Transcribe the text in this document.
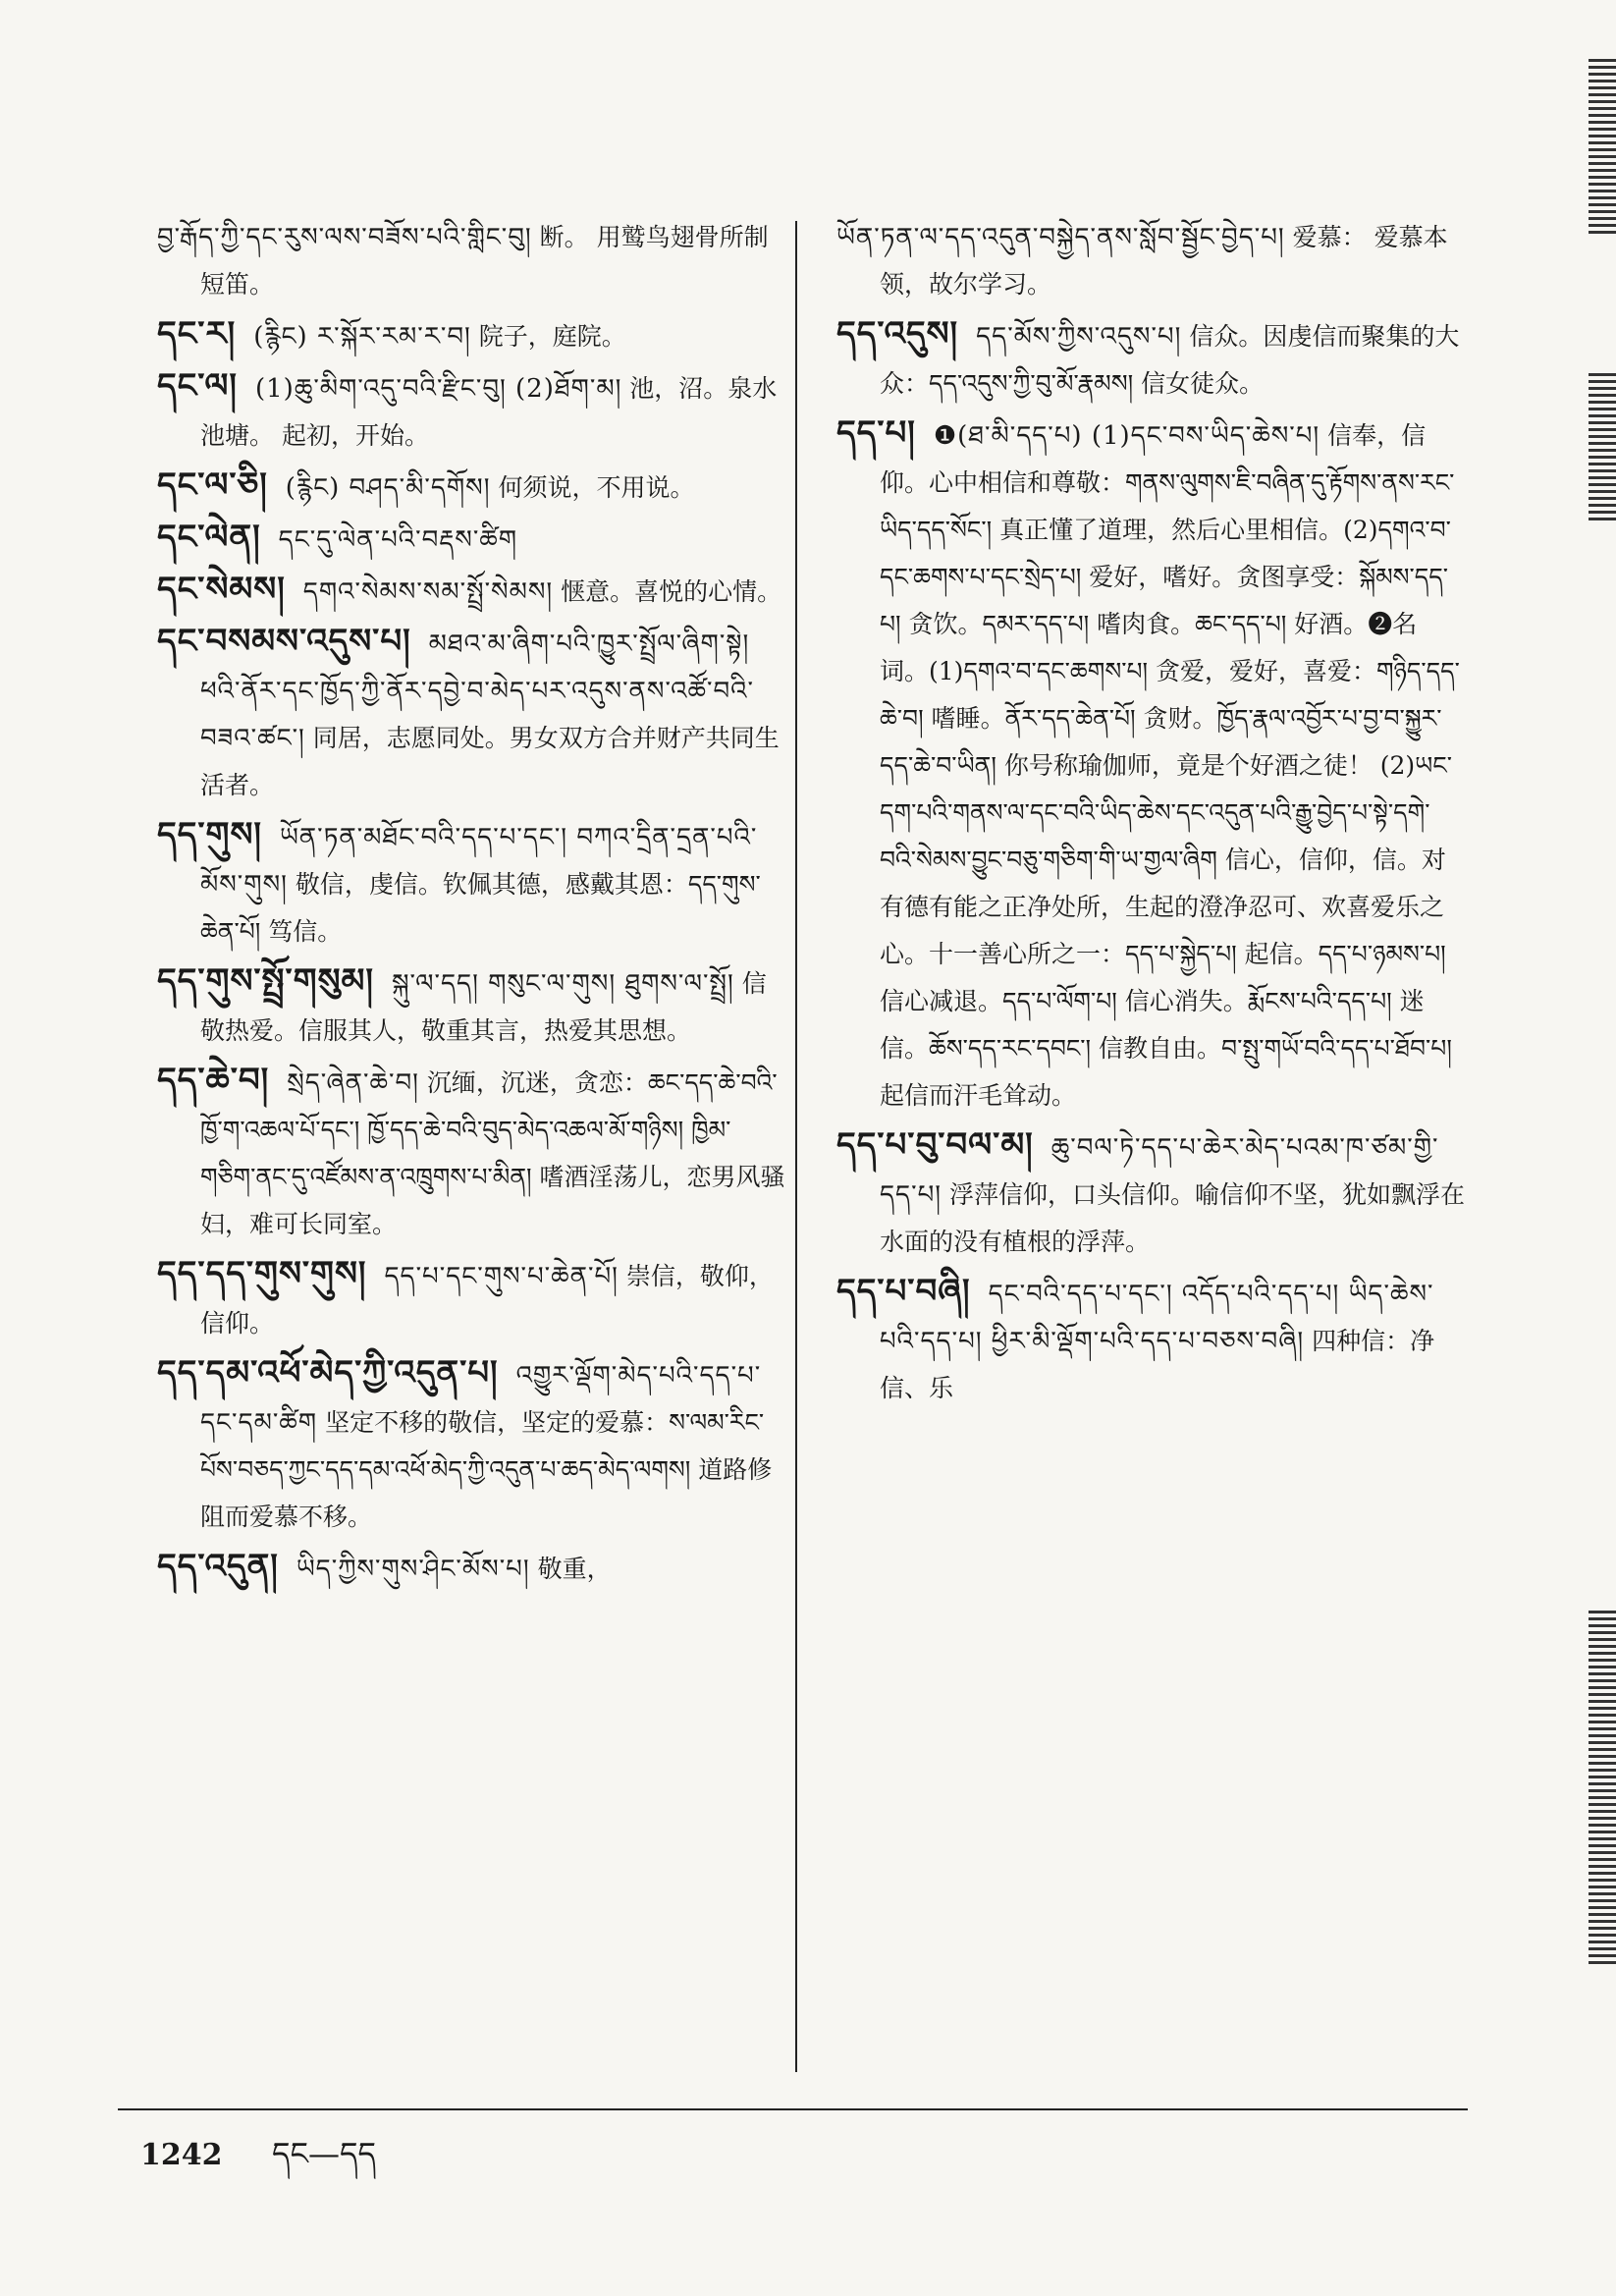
བྱ་རྒོད་ཀྱི་དང་རུས་ལས་བཟོས་པའི་གླིང་བུ། 断。 用鹫鸟翅骨所制短笛。

དང་ར། (རྙིང) ར་སྐོར་རམ་ར་བ། 院子，庭院。

དང་ལ། (1)ཆུ་མིག་འདུ་བའི་རྫིང་བུ། (2)ཐོག་མ། 池，沼。泉水池塘。 起初，开始。

དང་ལ་ཅི། (རྙིང) བཤད་མི་དགོས། 何须说，不用说。

དང་ལེན། དང་དུ་ལེན་པའི་བརྡས་ཚིག

དང་སེམས། དགའ་སེམས་སམ་སྤྲོ་སེམས། 惬意。喜悦的心情。

དང་བསམས་འདུས་པ། མཐའ་མ་ཞིག་པའི་ཁྱུར་སྤྲོལ་ཞིག་སྟེ། ཕའི་ནོར་དང་ཁྱོད་ཀྱི་ནོར་དབྱེ་བ་མེད་པར་འདུས་ནས་འཚོ་བའི་བཟའ་ཚང་། 同居，志愿同处。男女双方合并财产共同生活者。

དད་གུས། ཡོན་ཏན་མཐོང་བའི་དད་པ་དང་། བཀའ་དྲིན་དྲན་པའི་མོས་གུས། 敬信，虔信。钦佩其德，感戴其恩：དད་གུས་ཆེན་པོ། 笃信。

དད་གུས་སྤྲོ་གསུམ། སྐུ་ལ་དད། གསུང་ལ་གུས། ཐུགས་ལ་སྤྲོ། 信敬热爱。信服其人，敬重其言，热爱其思想。

དད་ཆེ་བ། སྲེད་ཞེན་ཆེ་བ། 沉缅，沉迷，贪恋：ཆང་དད་ཆེ་བའི་ཁྱོ་ག་འཆལ་པོ་དང་། ཁྱོ་དད་ཆེ་བའི་བུད་མེད་འཆལ་མོ་གཉིས། ཁྱིམ་གཅིག་ནང་དུ་འཛོམས་ན་འཁྲུགས་པ་མིན། 嗜酒淫荡儿，恋男风骚妇，难可长同室。

དད་དད་གུས་གུས། དད་པ་དང་གུས་པ་ཆེན་པོ། 崇信，敬仰，信仰。

དད་དམ་འཕོ་མེད་ཀྱི་འདུན་པ། འགྱུར་ལྡོག་མེད་པའི་དད་པ་དང་དམ་ཚིག 坚定不移的敬信，坚定的爱慕：ས་ལམ་རིང་པོས་བཅད་ཀྱང་དད་དམ་འཕོ་མེད་ཀྱི་འདུན་པ་ཆད་མེད་ལགས། 道路修阻而爱慕不移。

དད་འདུན། ཡིད་ཀྱིས་གུས་ཤིང་མོས་པ། 敬重，

ཡོན་ཏན་ལ་དད་འདུན་བསྐྱེད་ནས་སློབ་སྦྱོང་བྱེད་པ། 爱慕： 爱慕本领，故尔学习。

དད་འདུས། དད་མོས་ཀྱིས་འདུས་པ། 信众。因虔信而聚集的大众：དད་འདུས་ཀྱི་བུ་མོ་རྣམས། 信女徒众。

དད་པ། ❶(ཐ་མི་དད་པ) (1)དང་བས་ཡིད་ཆེས་པ། 信奉，信仰。心中相信和尊敬：གནས་ལུགས་ཇི་བཞིན་དུ་རྟོགས་ནས་རང་ཡིད་དད་སོང་། 真正懂了道理，然后心里相信。(2)དགའ་བ་དང་ཆགས་པ་དང་སྲེད་པ། 爱好，嗜好。贪图享受：སྐོམས་དད་པ། 贪饮。དམར་དད་པ། 嗜肉食。ཆང་དད་པ། 好酒。❷名词。(1)དགའ་བ་དང་ཆགས་པ། 贪爱，爱好，喜爱：གཉིད་དད་ཆེ་བ། 嗜睡。ནོར་དད་ཆེན་པོ། 贪财。ཁྱོད་རྣལ་འབྱོར་པ་བྱ་བ་སྐྱུར་དད་ཆེ་བ་ཡིན། 你号称瑜伽师，竟是个好酒之徒！ (2)ཡང་དག་པའི་གནས་ལ་དང་བའི་ཡིད་ཆེས་དང་འདུན་པའི་རྒྱུ་བྱེད་པ་སྟེ་དགེ་བའི་སེམས་བྱུང་བཅུ་གཅིག་གི་ཡ་གྱལ་ཞིག 信心，信仰，信。对有德有能之正净处所，生起的澄净忍可、欢喜爱乐之心。十一善心所之一：དད་པ་སྐྱེད་པ། 起信。དད་པ་ཉམས་པ། 信心减退。དད་པ་ལོག་པ། 信心消失。རྨོངས་པའི་དད་པ། 迷信。ཆོས་དད་རང་དབང་། 信教自由。བ་སྤུ་གཡོ་བའི་དད་པ་ཐོབ་པ། 起信而汗毛耸动。

དད་པ་བུ་བལ་མ། ཆུ་བལ་ཏེ་དད་པ་ཆེར་མེད་པའམ་ཁ་ཙམ་གྱི་དད་པ། 浮萍信仰，口头信仰。喻信仰不坚，犹如飘浮在水面的没有植根的浮萍。

དད་པ་བཞི། དང་བའི་དད་པ་དང་། འདོད་པའི་དད་པ། ཡིད་ཆེས་པའི་དད་པ། ཕྱིར་མི་ལྡོག་པའི་དད་པ་བཅས་བཞི། 四种信：净信、乐

1242 དང—དད
